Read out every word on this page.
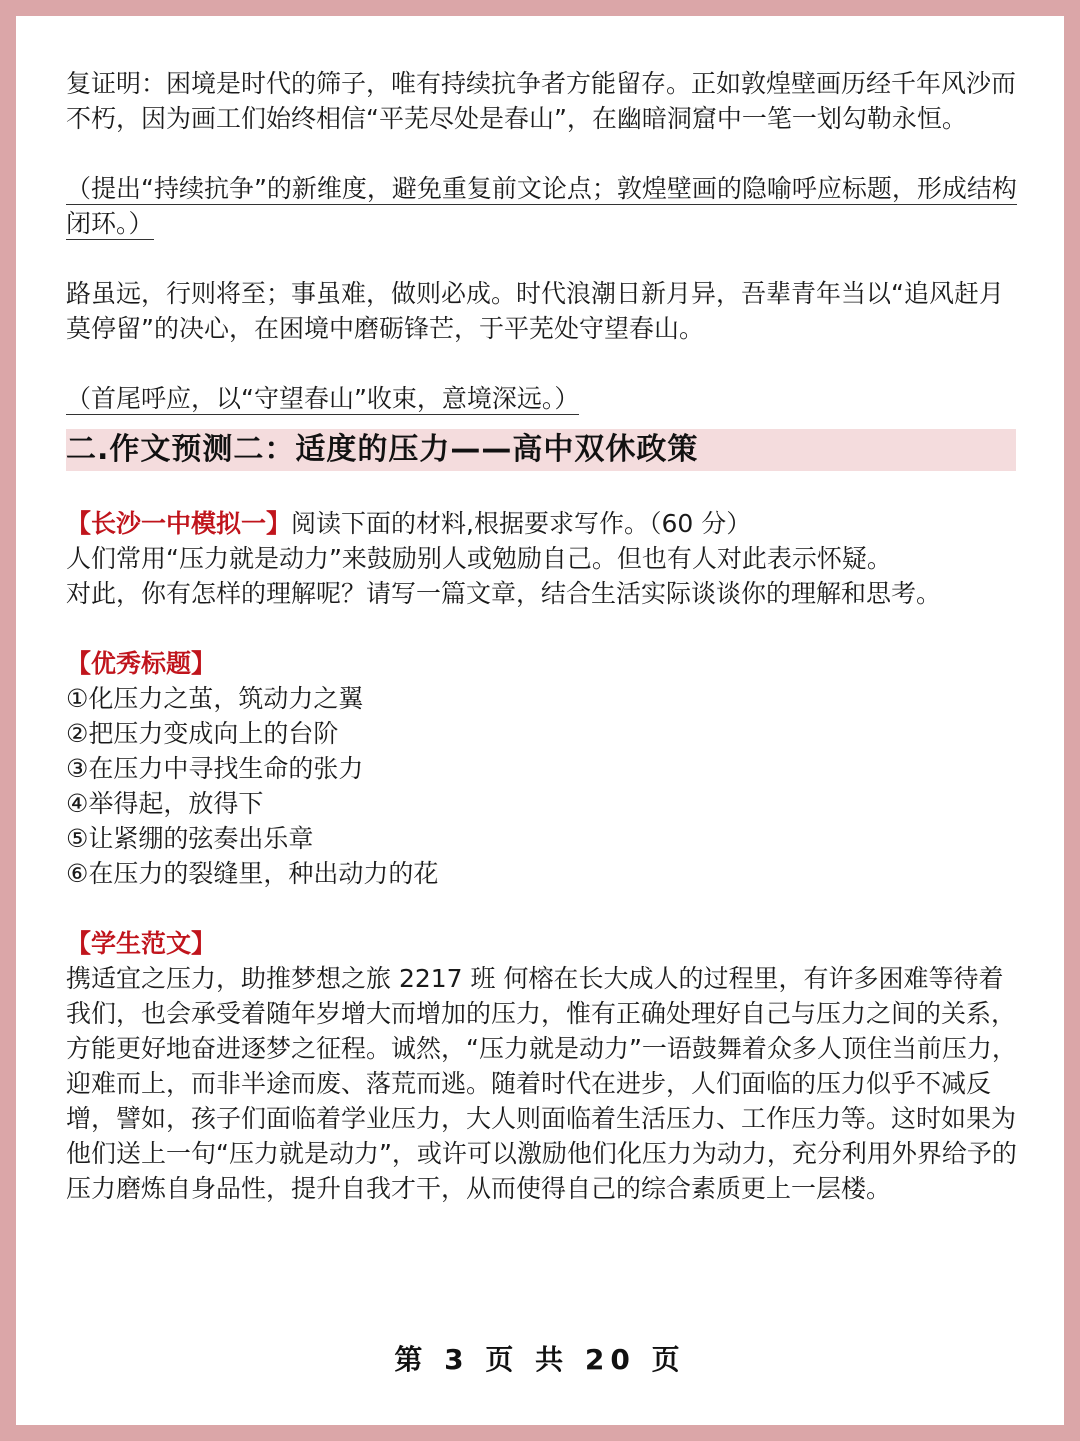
复证明：困境是时代的筛子，唯有持续抗争者方能留存。正如敦煌壁画历经千年风沙而不朽，因为画工们始终相信“平芜尽处是春山”，在幽暗洞窟中一笔一划勾勒永恒。

（提出“持续抗争”的新维度，避免重复前文论点；敦煌壁画的隐喻呼应标题，形成结构闭环。）

路虽远，行则将至；事虽难，做则必成。时代浪潮日新月异，吾辈青年当以“追风赶月莫停留”的决心，在困境中磨砺锋芒，于平芜处守望春山。

（首尾呼应，以“守望春山”收束，意境深远。）

二.作文预测二：适度的压力——高中双休政策

【长沙一中模拟一】阅读下面的材料,根据要求写作。（60 分）

人们常用“压力就是动力”来鼓励别人或勉励自己。但也有人对此表示怀疑。

对此，你有怎样的理解呢？请写一篇文章，结合生活实际谈谈你的理解和思考。

【优秀标题】

①化压力之茧，筑动力之翼

②把压力变成向上的台阶

③在压力中寻找生命的张力

④举得起，放得下

⑤让紧绷的弦奏出乐章

⑥在压力的裂缝里，种出动力的花

【学生范文】

携适宜之压力，助推梦想之旅 2217 班 何榕在长大成人的过程里，有许多困难等待着我们，也会承受着随年岁增大而增加的压力，惟有正确处理好自己与压力之间的关系，方能更好地奋进逐梦之征程。诚然，“压力就是动力”一语鼓舞着众多人顶住当前压力，迎难而上，而非半途而废、落荒而逃。随着时代在进步，人们面临的压力似乎不减反增，譬如，孩子们面临着学业压力，大人则面临着生活压力、工作压力等。这时如果为他们送上一句“压力就是动力”，或许可以激励他们化压力为动力，充分利用外界给予的压力磨炼自身品性，提升自我才干，从而使得自己的综合素质更上一层楼。

第 3 页 共 20 页
